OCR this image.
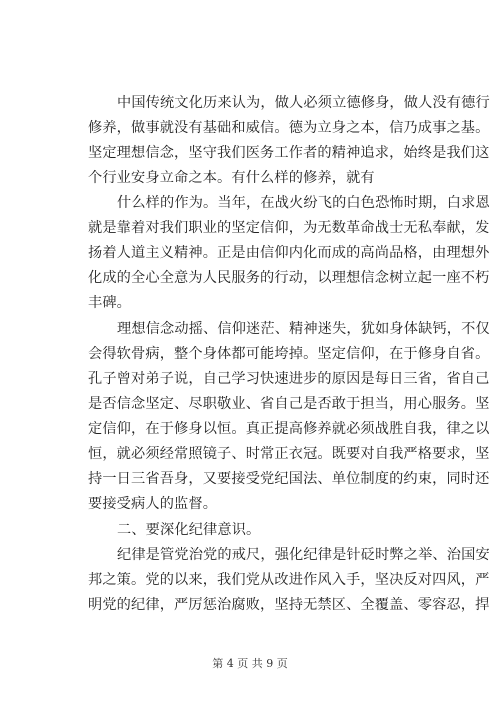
中国传统文化历来认为，做人必须立德修身，做人没有德行
修养，做事就没有基础和威信。德为立身之本，信乃成事之基。
坚定理想信念，坚守我们医务工作者的精神追求，始终是我们这
个行业安身立命之本。有什么样的修养，就有
什么样的作为。当年，在战火纷飞的白色恐怖时期，白求恩
就是靠着对我们职业的坚定信仰，为无数革命战士无私奉献，发
扬着人道主义精神。正是由信仰内化而成的高尚品格，由理想外
化成的全心全意为人民服务的行动，以理想信念树立起一座不朽
丰碑。
理想信念动摇、信仰迷茫、精神迷失，犹如身体缺钙，不仅
会得软骨病，整个身体都可能垮掉。坚定信仰，在于修身自省。
孔子曾对弟子说，自己学习快速进步的原因是每日三省，省自己
是否信念坚定、尽职敬业、省自己是否敢于担当，用心服务。坚
定信仰，在于修身以恒。真正提高修养就必须战胜自我，律之以
恒，就必须经常照镜子、时常正衣冠。既要对自我严格要求，坚
持一日三省吾身，又要接受党纪国法、单位制度的约束，同时还
要接受病人的监督。
二、要深化纪律意识。
纪律是管党治党的戒尺，强化纪律是针砭时弊之举、治国安
邦之策。党的以来，我们党从改进作风入手，坚决反对四风，严
明党的纪律，严厉惩治腐败，坚持无禁区、全覆盖、零容忍，捍
第 4 页 共 9 页
